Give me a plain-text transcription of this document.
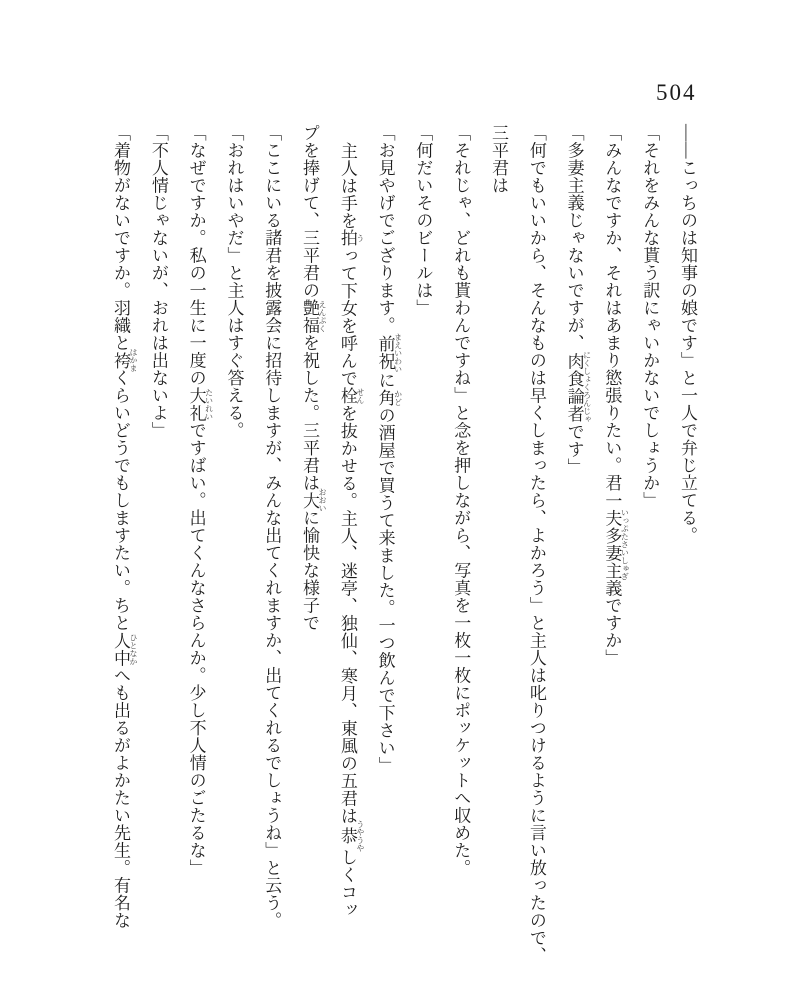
504

――こっちのは知事の娘です」と一人で弁じ立てる。

「それをみんな貰う訳にゃいかないでしょうか」

「みんなですか、それはあまり慾張りたい。君一夫多妻主義 いっぷたさいしゅぎですか」

「多妻主義じゃないですが、肉食論者 にくしょくろんじゃです」

「何でもいいから、そんなものは早くしまったら、よかろう」と主人は叱りつけるように言い放ったので、

三平君は

「それじゃ、どれも貰わんですね」と念を押しながら、写真を一枚一枚にポッケットへ収めた。

「何だいそのビールは」

「お見やげでござります。前祝 まえいわいに角 かどの酒屋で買うて来ました。一つ飲んで下さい」

主人は手を拍 うって下女を呼んで栓 せんを抜かせる。主人、迷亭、独仙、寒月、東風の五君は恭 うやうやしくコッ

プを捧げて、三平君の艶福 えんぷくを祝した。三平君は大 おおいに愉快な様子で

「ここにいる諸君を披露会に招待しますが、みんな出てくれますか、出てくれるでしょうね」と云う。

「おれはいやだ」と主人はすぐ答える。

「なぜですか。私の一生に一度の大礼 たいれいですばい。出てくんなさらんか。少し不人情のごたるな」

「不人情じゃないが、おれは出ないよ」

「着物がないですか。羽織と袴 はかまくらいどうでもしますたい。ちと人中 ひとなかへも出るがよかたい先生。有名な
